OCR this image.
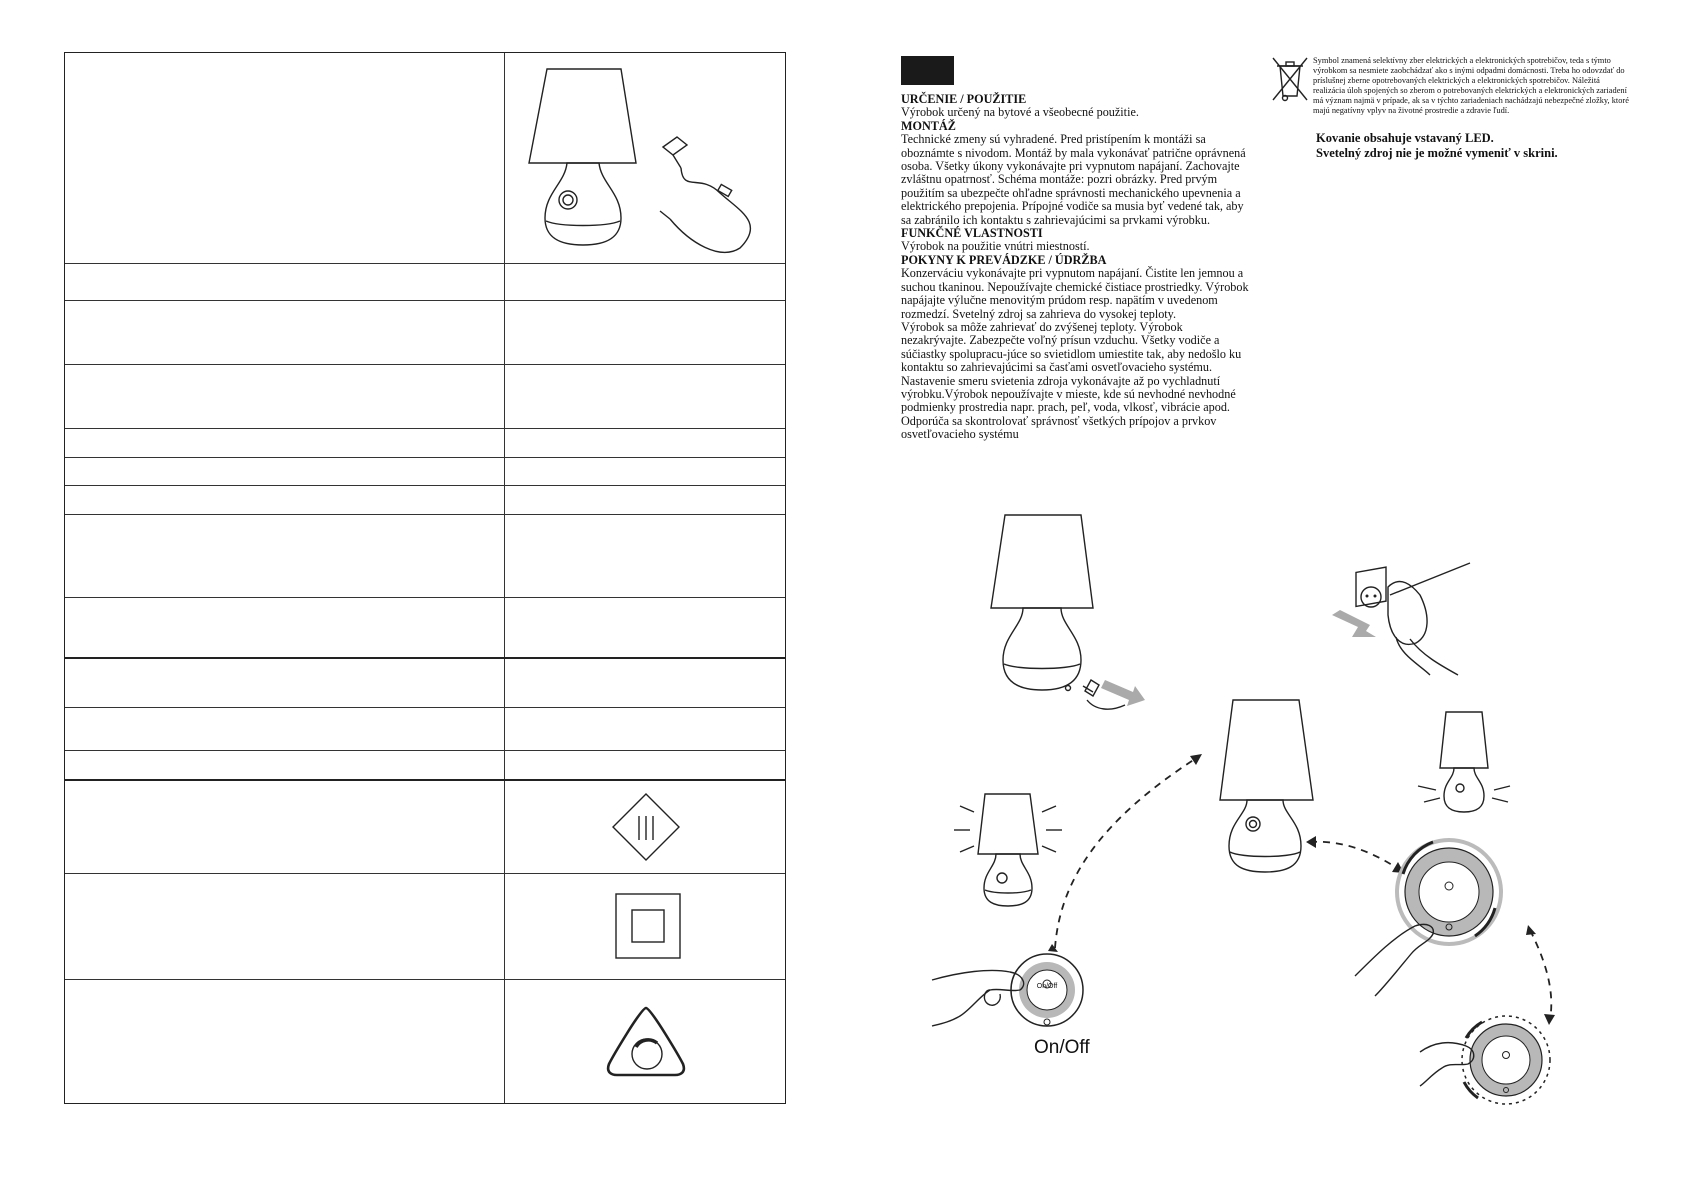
URČENIE / POUŽITIE

Výrobok určený na bytové a všeobecné použitie.

MONTÁŽ

Technické zmeny sú vyhradené. Pred pristípením k montáži sa oboznámte s nivodom. Montáž by mala vykonávať patrične oprávnená osoba. Všetky úkony vykonávajte pri vypnutom napájaní. Zachovajte zvláštnu opatrnosť. Schéma montáže: pozri obrázky. Pred prvým použitím sa ubezpečte ohľadne správnosti mechanického upevnenia a elektrického prepojenia. Prípojné vodiče sa musia byť vedené tak, aby sa zabránilo ich kontaktu s zahrievajúcimi sa prvkami výrobku.

FUNKČNÉ VLASTNOSTI

Výrobok na použitie vnútri miestností.

POKYNY K PREVÁDZKE / ÚDRŽBA

Konzerváciu vykonávajte pri vypnutom napájaní. Čistite len jemnou a suchou tkaninou. Nepoužívajte chemické čistiace prostriedky. Výrobok napájajte výlučne menovitým prúdom resp. napätím v uvedenom rozmedzí. Svetelný zdroj sa zahrieva do vysokej teploty.

Výrobok sa môže zahrievať do zvýšenej teploty. Výrobok nezakrývajte. Zabezpečte voľný prísun vzduchu. Všetky vodiče a súčiastky spolupracu-júce so svietidlom umiestite tak, aby nedošlo ku kontaktu so zahrievajúcimi sa časťami osvetľovacieho systému.

Nastavenie smeru svietenia zdroja vykonávajte až po vychladnutí výrobku.Výrobok nepoužívajte v mieste, kde sú nevhodné nevhodné podmienky prostredia napr. prach, peľ, voda, vlkosť, vibrácie apod. Odporúča sa skontrolovať správnosť všetkých prípojov a prvkov osvetľovacieho systému

Symbol znamená selektívny zber elektrických a elektronických spotrebičov, teda s týmto výrobkom sa nesmiete zaobchádzať ako s inými odpadmi domácnosti. Treba ho odovzdať do príslušnej zberne opotrebovaných elektrických a elektronických spotrebičov. Náležitá realizácia úloh spojených so zberom o potrebovaných elektrických a elektronických zariadení má význam najmä v prípade, ak sa v týchto zariadeniach nachádzajú nebezpečné zložky, ktoré majú negatívny vplyv na životné prostredie a zdravie ľudí.
Kovanie obsahuje vstavaný LED.
Svetelný zdroj nie je možné vymeniť v skrini.
On/Off
On/Off
